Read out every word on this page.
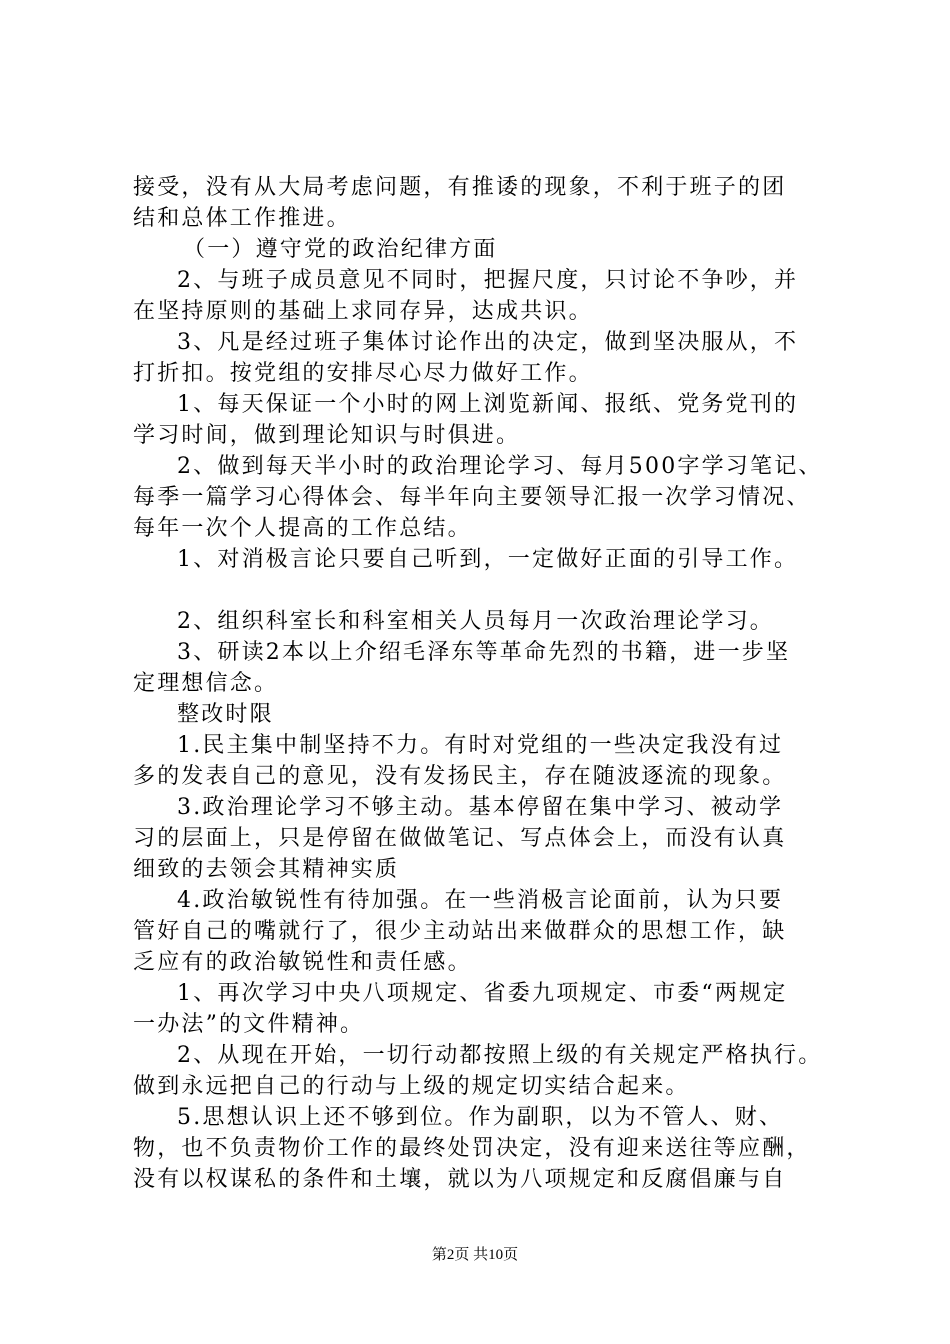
接受，没有从大局考虑问题，有推诿的现象，不利于班子的团
结和总体工作推进。
（一）遵守党的政治纪律方面
2、与班子成员意见不同时，把握尺度，只讨论不争吵，并
在坚持原则的基础上求同存异，达成共识。
3、凡是经过班子集体讨论作出的决定，做到坚决服从，不
打折扣。按党组的安排尽心尽力做好工作。
1、每天保证一个小时的网上浏览新闻、报纸、党务党刊的
学习时间，做到理论知识与时俱进。
2、做到每天半小时的政治理论学习、每月500字学习笔记、
每季一篇学习心得体会、每半年向主要领导汇报一次学习情况、
每年一次个人提高的工作总结。
1、对消极言论只要自己听到，一定做好正面的引导工作。
2、组织科室长和科室相关人员每月一次政治理论学习。
3、研读2本以上介绍毛泽东等革命先烈的书籍，进一步坚
定理想信念。
整改时限
1.民主集中制坚持不力。有时对党组的一些决定我没有过
多的发表自己的意见，没有发扬民主，存在随波逐流的现象。
3.政治理论学习不够主动。基本停留在集中学习、被动学
习的层面上，只是停留在做做笔记、写点体会上，而没有认真
细致的去领会其精神实质
4.政治敏锐性有待加强。在一些消极言论面前，认为只要
管好自己的嘴就行了，很少主动站出来做群众的思想工作，缺
乏应有的政治敏锐性和责任感。
1、再次学习中央八项规定、省委九项规定、市委“两规定
一办法”的文件精神。
2、从现在开始，一切行动都按照上级的有关规定严格执行。
做到永远把自己的行动与上级的规定切实结合起来。
5.思想认识上还不够到位。作为副职，以为不管人、财、
物，也不负责物价工作的最终处罚决定，没有迎来送往等应酬，
没有以权谋私的条件和土壤，就以为八项规定和反腐倡廉与自
第2页 共10页
